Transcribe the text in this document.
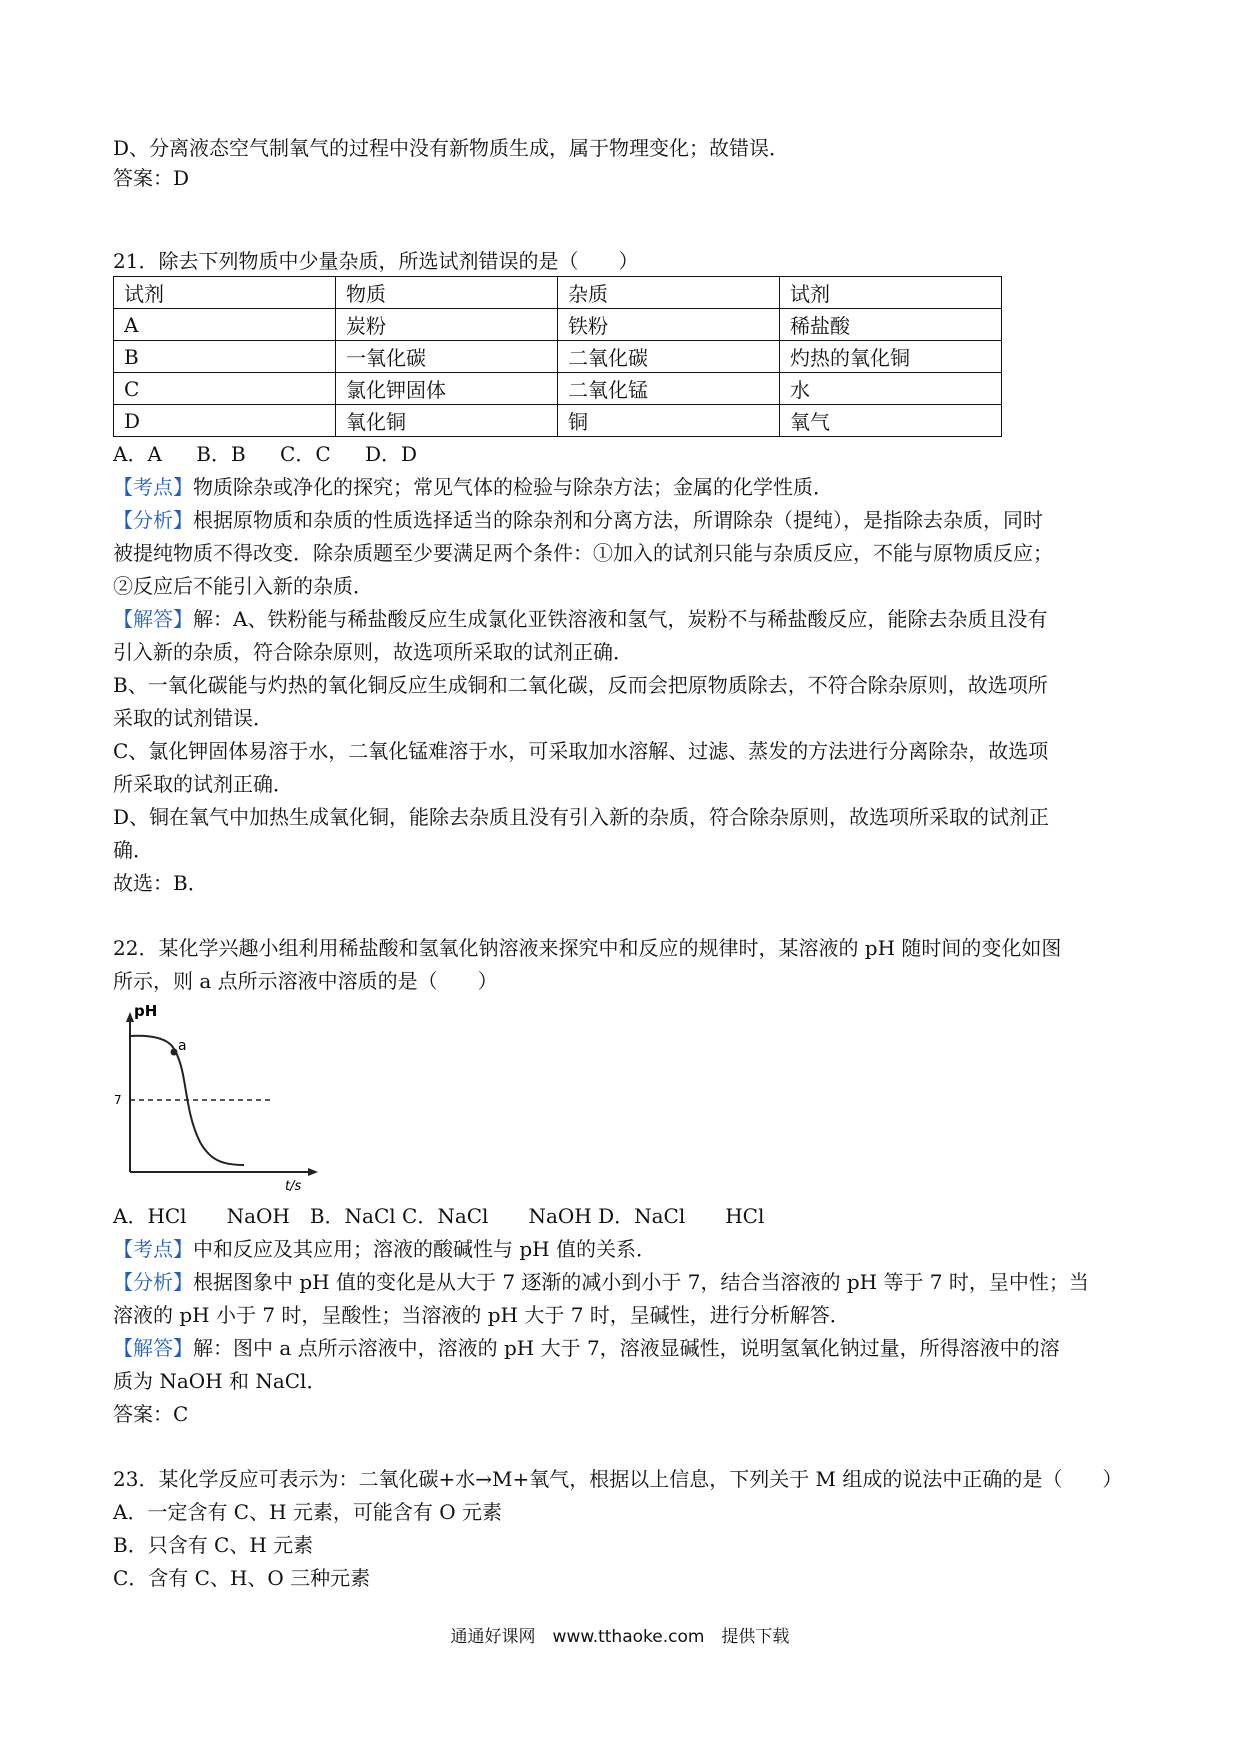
D、分离液态空气制氧气的过程中没有新物质生成，属于物理变化；故错误．
答案：D
21．除去下列物质中少量杂质，所选试剂错误的是（　　）
试剂	物质	杂质	试剂
A	炭粉	铁粉	稀盐酸
B	一氧化碳	二氧化碳	灼热的氧化铜
C	氯化钾固体	二氧化锰	水
D	氧化铜	铜	氧气
A．A B．B C．C D．D
【考点】物质除杂或净化的探究；常见气体的检验与除杂方法；金属的化学性质．
【分析】根据原物质和杂质的性质选择适当的除杂剂和分离方法，所谓除杂（提纯），是指除去杂质，同时
被提纯物质不得改变．除杂质题至少要满足两个条件：①加入的试剂只能与杂质反应，不能与原物质反应；
②反应后不能引入新的杂质．
【解答】解：A、铁粉能与稀盐酸反应生成氯化亚铁溶液和氢气，炭粉不与稀盐酸反应，能除去杂质且没有
引入新的杂质，符合除杂原则，故选项所采取的试剂正确．
B、一氧化碳能与灼热的氧化铜反应生成铜和二氧化碳，反而会把原物质除去，不符合除杂原则，故选项所
采取的试剂错误．
C、氯化钾固体易溶于水，二氧化锰难溶于水，可采取加水溶解、过滤、蒸发的方法进行分离除杂，故选项
所采取的试剂正确．
D、铜在氧气中加热生成氧化铜，能除去杂质且没有引入新的杂质，符合除杂原则，故选项所采取的试剂正
确．
故选：B．
22．某化学兴趣小组利用稀盐酸和氢氧化钠溶液来探究中和反应的规律时，某溶液的 pH 随时间的变化如图
所示，则 a 点所示溶液中溶质的是（　　）
a
pH
7
t/s
A．HCl　　NaOH　B．NaCl C．NaCl　　NaOH D．NaCl　　HCl
【考点】中和反应及其应用；溶液的酸碱性与 pH 值的关系．
【分析】根据图象中 pH 值的变化是从大于 7 逐渐的减小到小于 7，结合当溶液的 pH 等于 7 时，呈中性；当
溶液的 pH 小于 7 时，呈酸性；当溶液的 pH 大于 7 时，呈碱性，进行分析解答．
【解答】解：图中 a 点所示溶液中，溶液的 pH 大于 7，溶液显碱性，说明氢氧化钠过量，所得溶液中的溶
质为 NaOH 和 NaCl．
答案：C
23．某化学反应可表示为：二氧化碳+水→M+氧气，根据以上信息，下列关于 M 组成的说法中正确的是（　　）
A．一定含有 C、H 元素，可能含有 O 元素
B．只含有 C、H 元素
C．含有 C、H、O 三种元素
通通好课网　www.tthaoke.com　提供下载
